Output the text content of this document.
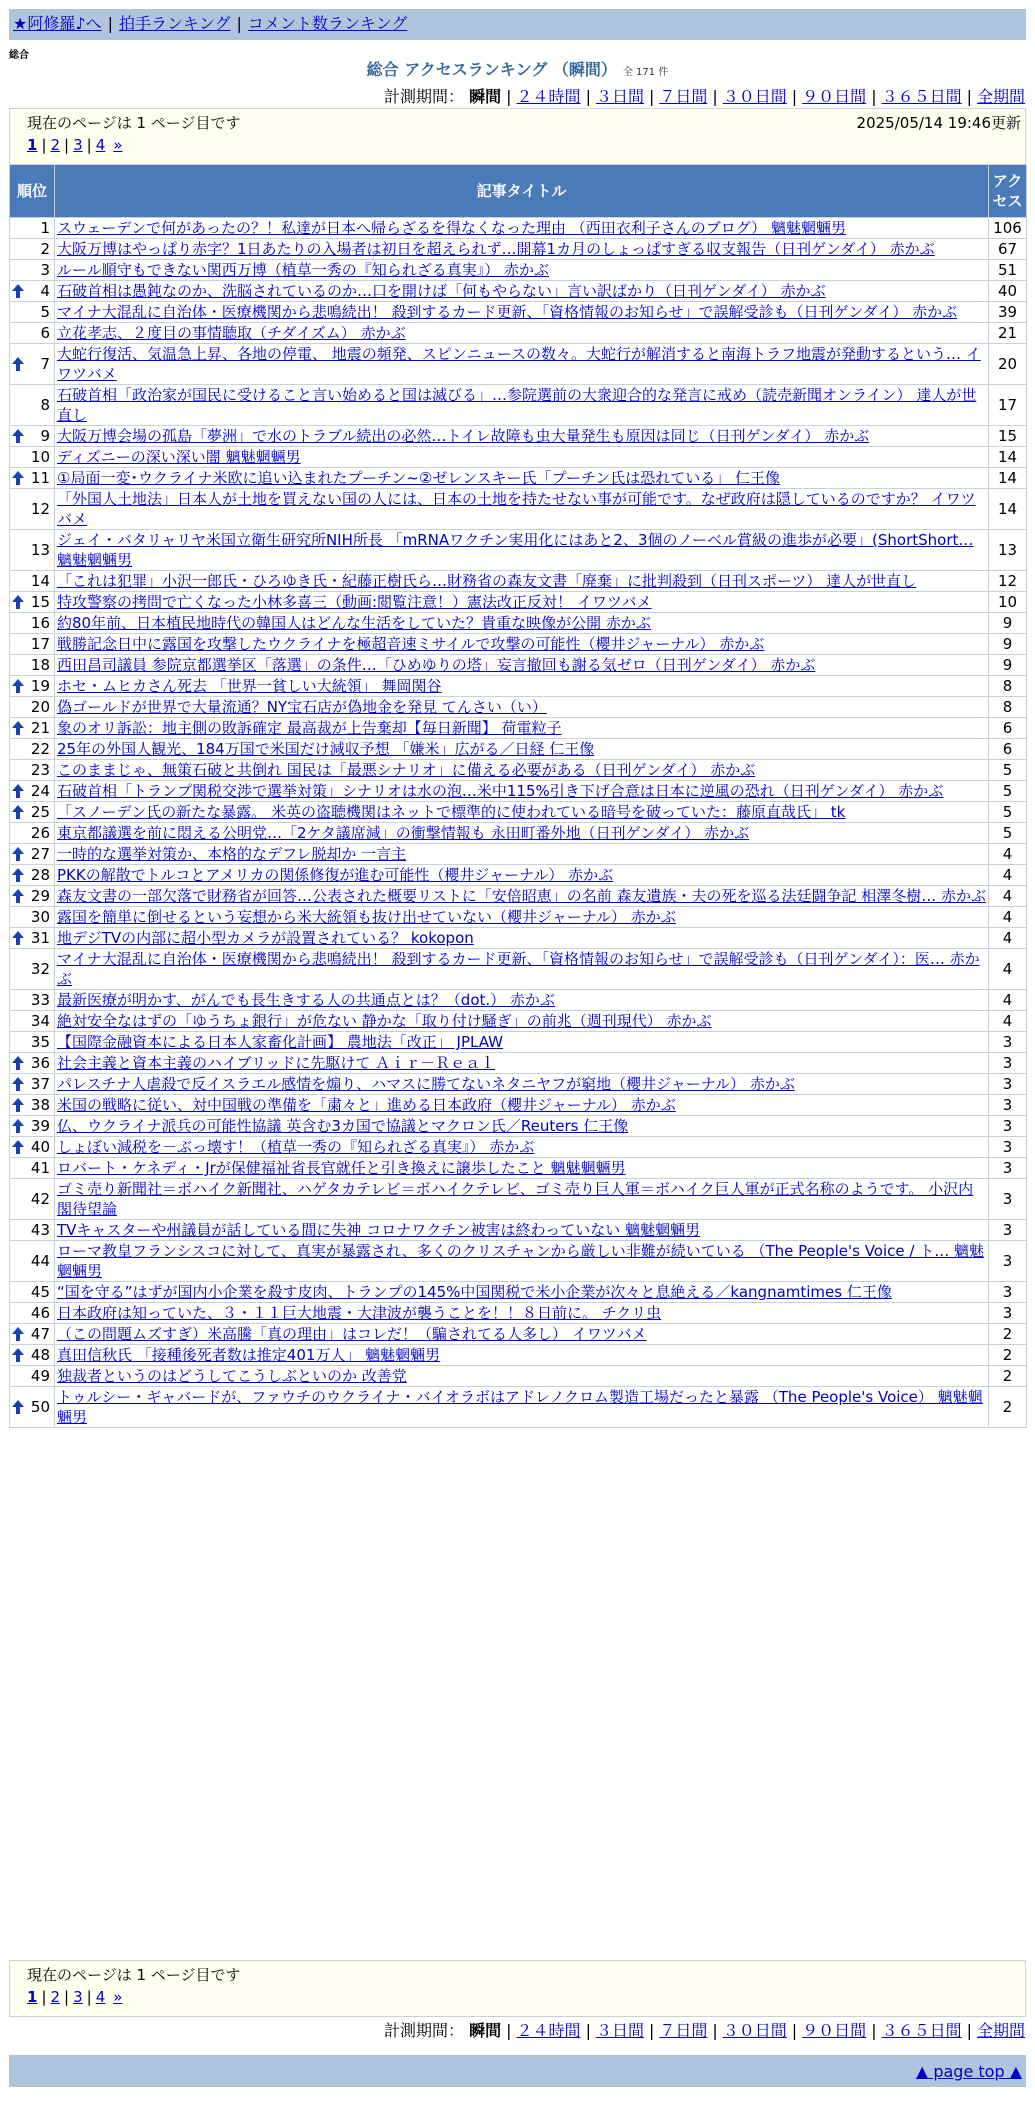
★阿修羅♪へ | 拍手ランキング | コメント数ランキング
総合
総合 アクセスランキング （瞬間） 全 171 件
計測期間： 瞬間 | ２４時間 | ３日間 | ７日間 | ３０日間 | ９０日間 | ３６５日間 | 全期間
現在のページは 1 ページ目です	2025/05/14 19:46更新
1 | 2 | 3 | 4 »
順位	記事タイトル	アクセス
1	スウェーデンで何があったの？！私達が日本へ帰らざるを得なくなった理由 （西田衣利子さんのブログ） 魑魅魍魎男	106
2	大阪万博はやっぱり赤字？1日あたりの入場者は初日を超えられず…開幕1カ月のしょっぱすぎる収支報告（日刊ゲンダイ） 赤かぶ	67
3	ルール順守もできない関西万博（植草一秀の『知られざる真実』） 赤かぶ	51

4	石破首相は愚鈍なのか、洗脳されているのか…口を開けば「何もやらない」言い訳ばかり（日刊ゲンダイ） 赤かぶ	40
5	マイナ大混乱に自治体・医療機関から悲鳴続出！ 殺到するカード更新、「資格情報のお知らせ」で誤解受診も（日刊ゲンダイ） 赤かぶ	39
6	立花孝志、２度目の事情聴取（チダイズム） 赤かぶ	21

7	大蛇行復活、気温急上昇、各地の停電、 地震の頻発、スピンニュースの数々。大蛇行が解消すると南海トラフ地震が発動するという… イワツバメ	20
8	石破首相「政治家が国民に受けること言い始めると国は滅びる」…参院選前の大衆迎合的な発言に戒め（読売新聞オンライン） 達人が世直し	17

9	大阪万博会場の孤島「夢洲」で水のトラブル続出の必然…トイレ故障も虫大量発生も原因は同じ（日刊ゲンダイ） 赤かぶ	15
10	ディズニーの深い深い闇 魑魅魍魎男	14

11	①局面一変･ウクライナ米欧に追い込まれたプーチン~②ゼレンスキー氏「プーチン氏は恐れている」 仁王像	14
12	「外国人土地法」日本人が土地を買えない国の人には、日本の土地を持たせない事が可能です。なぜ政府は隠しているのですか？ イワツバメ	14
13	ジェイ・バタリャリヤ米国立衛生研究所NIH所長 「mRNAワクチン実用化にはあと2、3個のノーベル賞級の進歩が必要」(ShortShort… 魑魅魍魎男	13
14	「これは犯罪」小沢一郎氏・ひろゆき氏・紀藤正樹氏ら…財務省の森友文書「廃棄」に批判殺到（日刊スポーツ） 達人が世直し	12

15	特攻警察の拷問で亡くなった小林多喜三（動画:閲覧注意！）憲法改正反対！ イワツバメ	10
16	約80年前、日本植民地時代の韓国人はどんな生活をしていた？貴重な映像が公開 赤かぶ	9
17	戦勝記念日中に露国を攻撃したウクライナを極超音速ミサイルで攻撃の可能性（櫻井ジャーナル） 赤かぶ	9
18	西田昌司議員 参院京都選挙区「落選」の条件…「ひめゆりの塔」妄言撤回も謝る気ゼロ（日刊ゲンダイ） 赤かぶ	9

19	ホセ・ムヒカさん死去 「世界一貧しい大統領」 舞岡関谷	8
20	偽ゴールドが世界で大量流通？NY宝石店が偽地金を発見 てんさい（い）	8

21	象のオリ訴訟：地主側の敗訴確定 最高裁が上告棄却【毎日新聞】 荷電粒子	6
22	25年の外国人観光、184万国で米国だけ減収予想 「嫌米」広がる／日経 仁王像	6
23	このままじゃ、無策石破と共倒れ 国民は「最悪シナリオ」に備える必要がある（日刊ゲンダイ） 赤かぶ	5

24	石破首相「トランプ関税交渉で選挙対策」シナリオは水の泡…米中115%引き下げ合意は日本に逆風の恐れ（日刊ゲンダイ） 赤かぶ	5

25	「スノーデン氏の新たな暴露。 米英の盗聴機関はネットで標準的に使われている暗号を破っていた：藤原直哉氏」 tk	5
26	東京都議選を前に悶える公明党…「2ケタ議席減」の衝撃情報も 永田町番外地（日刊ゲンダイ） 赤かぶ	5

27	一時的な選挙対策か、本格的なデフレ脱却か 一言主	4

28	PKKの解散でトルコとアメリカの関係修復が進む可能性（櫻井ジャーナル） 赤かぶ	4

29	森友文書の一部欠落で財務省が回答…公表された概要リストに「安倍昭恵」の名前 森友遺族・夫の死を巡る法廷闘争記 相澤冬樹… 赤かぶ	4
30	露国を簡単に倒せるという妄想から米大統領も抜け出せていない（櫻井ジャーナル） 赤かぶ	4

31	地デジTVの内部に超小型カメラが設置されている？ kokopon	4
32	マイナ大混乱に自治体・医療機関から悲鳴続出！ 殺到するカード更新、「資格情報のお知らせ」で誤解受診も（日刊ゲンダイ）：医… 赤かぶ	4
33	最新医療が明かす、がんでも長生きする人の共通点とは？（dot.） 赤かぶ	4
34	絶対安全なはずの「ゆうちょ銀行」が危ない 静かな「取り付け騒ぎ」の前兆（週刊現代） 赤かぶ	4
35	【国際金融資本による日本人家畜化計画】 農地法「改正」 JPLAW	3

36	社会主義と資本主義のハイブリッドに先駆けて Ａｉｒ－Ｒｅａｌ	3

37	パレスチナ人虐殺で反イスラエル感情を煽り、ハマスに勝てないネタニヤフが窮地（櫻井ジャーナル） 赤かぶ	3

38	米国の戦略に従い、対中国戦の準備を「粛々と」進める日本政府（櫻井ジャーナル） 赤かぶ	3

39	仏、ウクライナ派兵の可能性協議 英含む3カ国で協議とマクロン氏／Reuters 仁王像	3

40	しょぼい減税を－ぶっ壊す！（植草一秀の『知られざる真実』） 赤かぶ	3
41	ロバート・ケネディ・Jrが保健福祉省長官就任と引き換えに譲歩したこと 魑魅魍魎男	3
42	ゴミ売り新聞社＝ボハイク新聞社、ハゲタカテレビ＝ボハイクテレビ、ゴミ売り巨人軍＝ボハイク巨人軍が正式名称のようです。 小沢内閣待望論	3
43	TVキャスターや州議員が話している間に失神 コロナワクチン被害は終わっていない 魑魅魍魎男	3
44	ローマ教皇フランシスコに対して、真実が暴露され、多くのクリスチャンから厳しい非難が続いている （The People's Voice / ト… 魑魅魍魎男	3
45	“国を守る”はずが国内小企業を殺す皮肉、トランプの145%中国関税で米小企業が次々と息絶える／kangnamtimes 仁王像	3
46	日本政府は知っていた、３・１１巨大地震・大津波が襲うことを！！８日前に。 チクリ虫	3

47	（この問題ムズすぎ）米高騰「真の理由」はコレだ！（騙されてる人多し） イワツバメ	2

48	真田信秋氏 「接種後死者数は推定401万人」 魑魅魍魎男	2
49	独裁者というのはどうしてこうしぶといのか 改善党	2

50	トゥルシー・ギャバードが、ファウチのウクライナ・バイオラボはアドレノクロム製造工場だったと暴露 （The People's Voice） 魑魅魍魎男	2
現在のページは 1 ページ目です
1 | 2 | 3 | 4 »
計測期間： 瞬間 | ２４時間 | ３日間 | ７日間 | ３０日間 | ９０日間 | ３６５日間 | 全期間
▲ page top ▲
